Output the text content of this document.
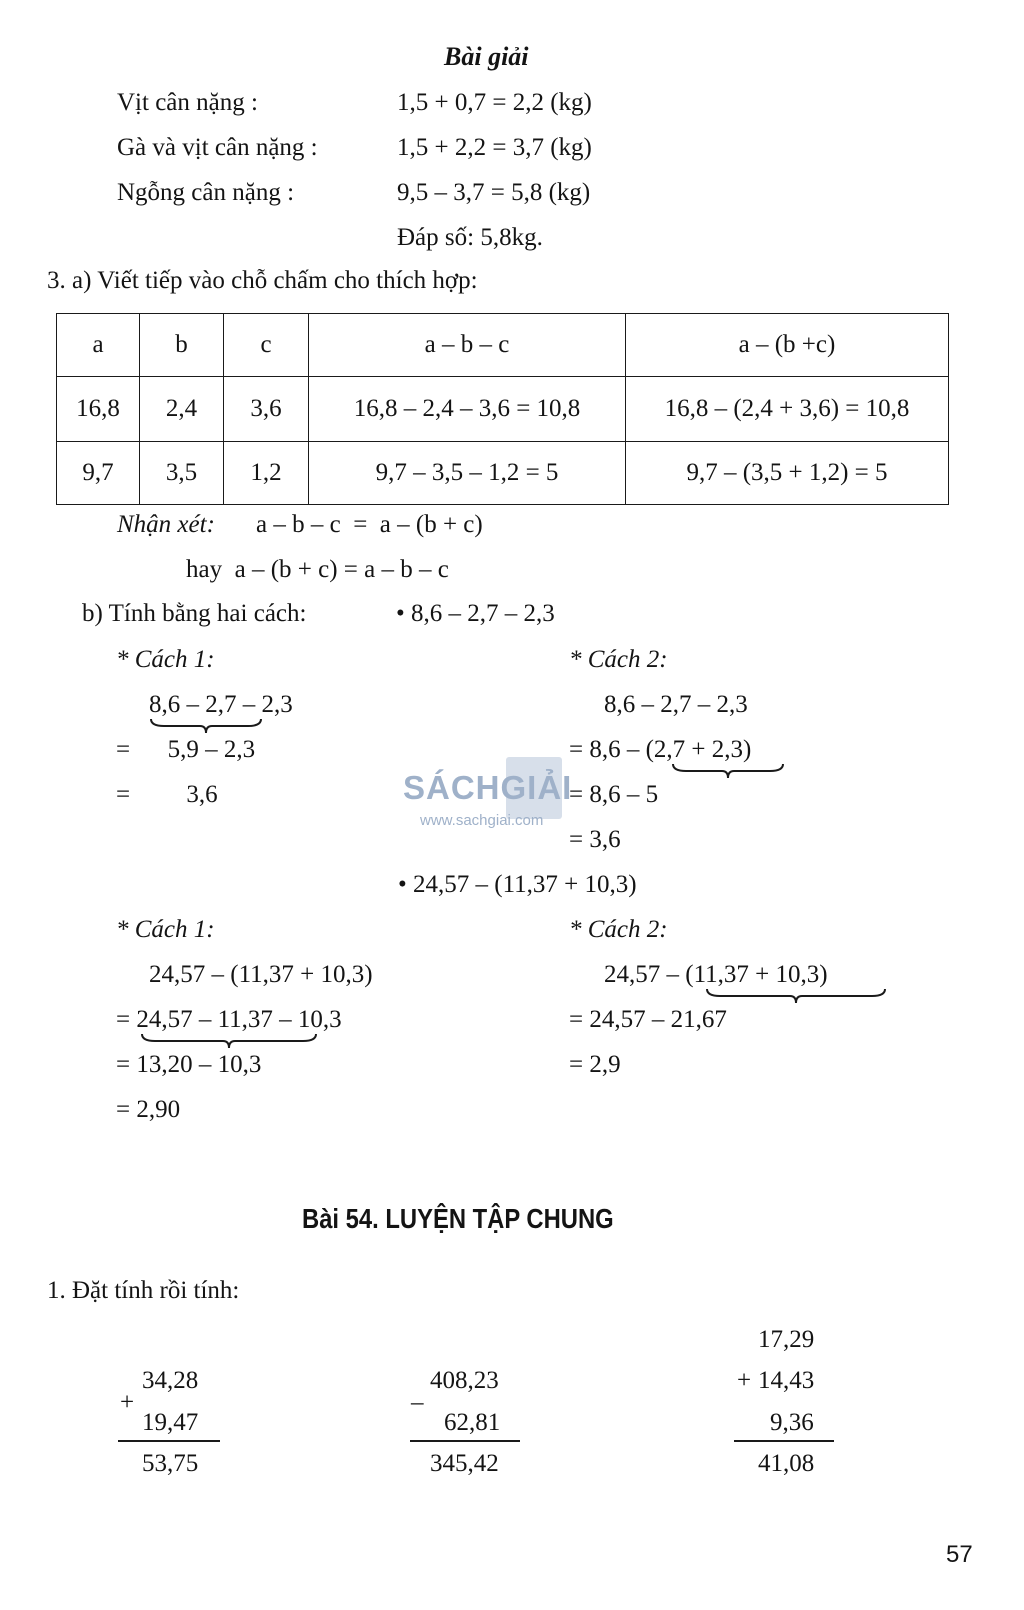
Bài giải
Vịt cân nặng :	1,5 + 0,7 = 2,2 (kg)
Gà và vịt cân nặng :	1,5 + 2,2 = 3,7 (kg)
Ngỗng cân nặng :	9,5 – 3,7 = 5,8 (kg)
Đáp số: 5,8kg.
3. a) Viết tiếp vào chỗ chấm cho thích hợp:
a	b	c	a – b – c	a – (b +c)
16,8	2,4	3,6	16,8 – 2,4 – 3,6 = 10,8	16,8 – (2,4 + 3,6) = 10,8
9,7	3,5	1,2	9,7 – 3,5 – 1,2 = 5	9,7 – (3,5 + 1,2) = 5
Nhận xét: a – b – c  =  a – (b + c)
hay  a – (b + c) = a – b – c
b) Tính bằng hai cách:	• 8,6 – 2,7 – 2,3
* Cách 1:
8,6 – 2,7 – 2,3
=      5,9 – 2,3
=         3,6
* Cách 2:
8,6 – 2,7 – 2,3
= 8,6 – (2,7 + 2,3)
= 8,6 – 5
= 3,6
• 24,57 – (11,37 + 10,3)
* Cách 1:
24,57 – (11,37 + 10,3)
= 24,57 – 11,37 – 10,3
= 13,20 – 10,3
= 2,90
* Cách 2:
24,57 – (11,37 + 10,3)
= 24,57 – 21,67
= 2,9
SÁCHGIẢI
www.sachgiai.com
Bài 54. LUYỆN TẬP CHUNG
1. Đặt tính rồi tính:
34,28
+
19,47
53,75
408,23
–
62,81
345,42
17,29
+ 14,43
9,36
41,08
57
